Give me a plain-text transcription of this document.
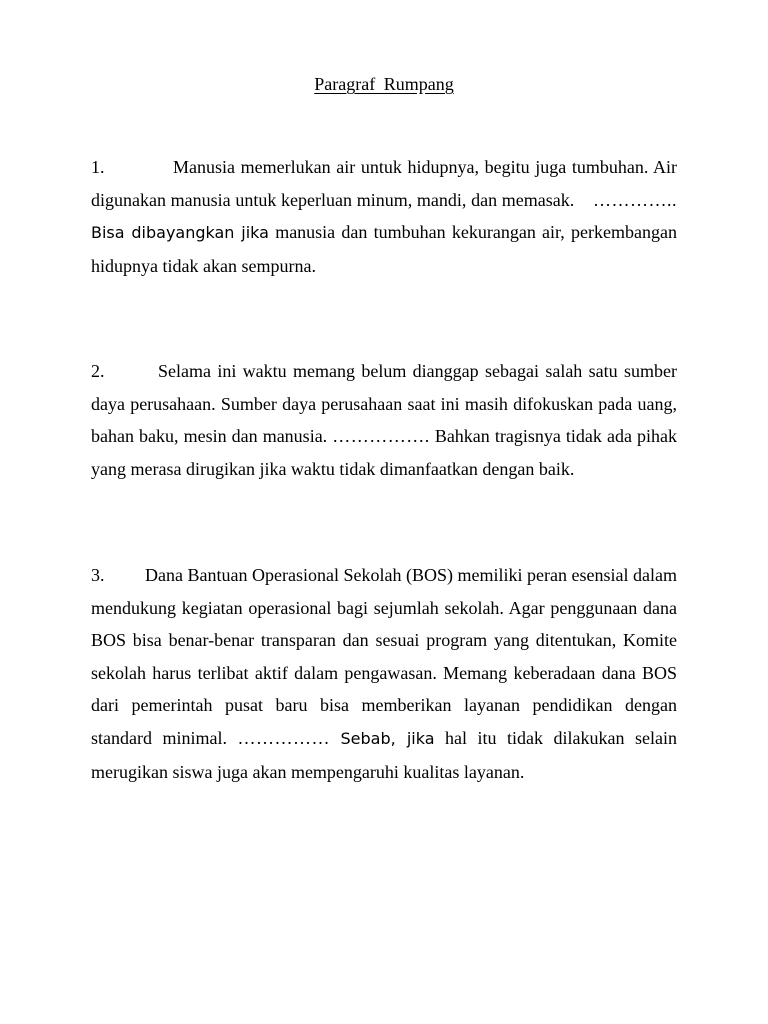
Paragraf Rumpang

1.	Manusia memerlukan air untuk hidupnya, begitu juga tumbuhan. Air digunakan manusia untuk keperluan minum, mandi, dan memasak. ………….. Bisa dibayangkan jika manusia dan tumbuhan kekurangan air, perkembangan hidupnya tidak akan sempurna.

2.	Selama ini waktu memang belum dianggap sebagai salah satu sumber daya perusahaan. Sumber daya perusahaan saat ini masih difokuskan pada uang, bahan baku, mesin dan manusia. ……………. Bahkan tragisnya tidak ada pihak yang merasa dirugikan jika waktu tidak dimanfaatkan dengan baik.

3. Dana Bantuan Operasional Sekolah (BOS) memiliki peran esensial dalam mendukung kegiatan operasional bagi sejumlah sekolah. Agar penggunaan dana BOS bisa benar-benar transparan dan sesuai program yang ditentukan, Komite sekolah harus terlibat aktif dalam pengawasan. Memang keberadaan dana BOS dari pemerintah pusat baru bisa memberikan layanan pendidikan dengan standard minimal. …………… Sebab, jika hal itu tidak dilakukan selain merugikan siswa juga akan mempengaruhi kualitas layanan.
